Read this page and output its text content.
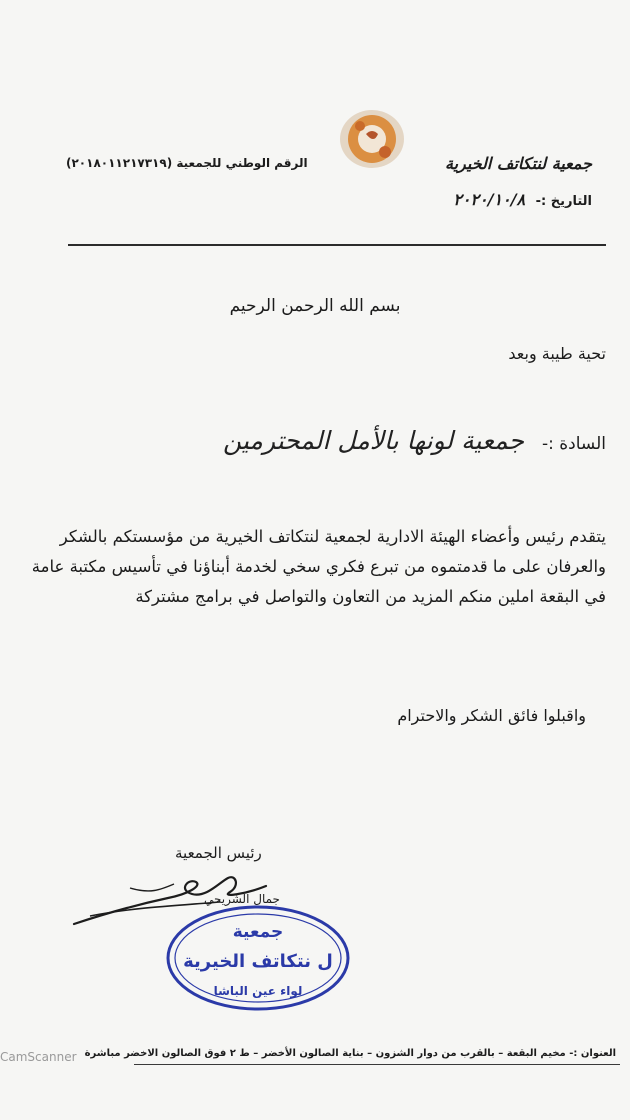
جمعية لنتكاتف الخيرية
التاريخ :- ٢٠٢٠/١٠/٨
الرقم الوطني للجمعية (٢٠١٨٠١١٢١٧٣١٩)
بسم الله الرحمن الرحيم
تحية طيبة وبعد
السادة :-
جمعية لونها بالأمل المحترمين
يتقدم رئيس وأعضاء الهيئة الادارية لجمعية لنتكاتف الخيرية من مؤسستكم بالشكر والعرفان على ما قدمتموه من تبرع فكري سخي لخدمة أبناؤنا في تأسيس مكتبة عامة في البقعة املين منكم المزيد من التعاون والتواصل في برامج مشتركة
واقبلوا فائق الشكر والاحترام
رئيس الجمعية
جمال الشريحي
جمعية
ل نتكاتف الخيرية
لواء عين الباشا
العنوان :- مخيم البقعة – بالقرب من دوار الشزون – بناية الصالون الأخضر – ط ٢ فوق الصالون الاخضر مباشرة
CamScanner
